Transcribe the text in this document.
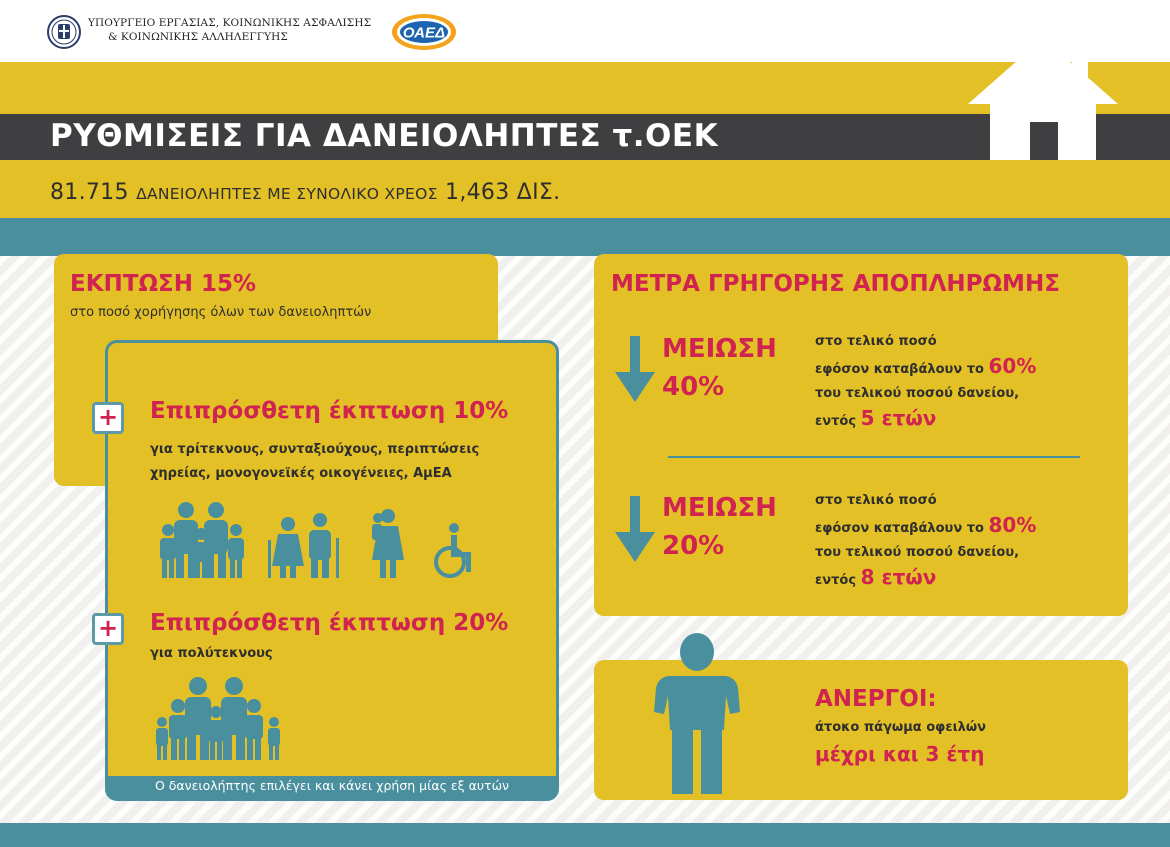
ΥΠΟΥΡΓΕΙΟ ΕΡΓΑΣΙΑΣ, ΚΟΙΝΩΝΙΚΗΣ ΑΣΦΑΛΙΣΗΣ
& ΚΟΙΝΩΝΙΚΗΣ ΑΛΛΗΛΕΓΓΥΗΣ	ΟΑΕΔ
ΡΥΘΜΙΣΕΙΣ ΓΙΑ ΔΑΝΕΙΟΛΗΠΤΕΣ τ.ΟΕΚ
81.715 ΔΑΝΕΙΟΛΗΠΤΕΣ ΜΕ ΣΥΝΟΛΙΚΟ ΧΡΕΟΣ 1,463 ΔΙΣ.
ΕΚΠΤΩΣΗ 15%
στο ποσό χορήγησης όλων των δανειοληπτών
+ Επιπρόσθετη έκπτωση 10%
για τρίτεκνους, συνταξιούχους, περιπτώσεις
χηρείας, μονογονεϊκές οικογένειες, ΑμΕΑ
+ Επιπρόσθετη έκπτωση 20%
για πολύτεκνους
Ο δανειολήπτης επιλέγει και κάνει χρήση μίας εξ αυτών
ΜΕΤΡΑ ΓΡΗΓΟΡΗΣ ΑΠΟΠΛΗΡΩΜΗΣ
ΜΕΙΩΣΗ
40%
στο τελικό ποσό
εφόσον καταβάλουν το 60%
του τελικού ποσού δανείου,
εντός 5 ετών
ΜΕΙΩΣΗ
20%
στο τελικό ποσό
εφόσον καταβάλουν το 80%
του τελικού ποσού δανείου,
εντός 8 ετών
ΑΝΕΡΓΟΙ:
άτοκο πάγωμα οφειλών
μέχρι και 3 έτη
